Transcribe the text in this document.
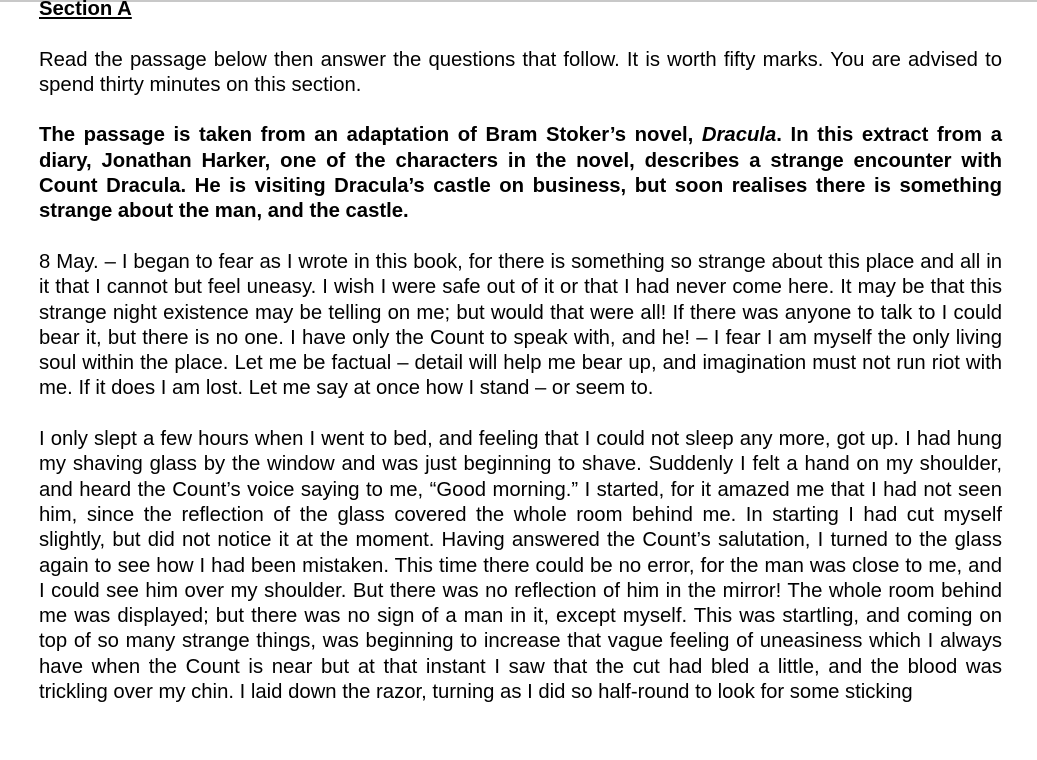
Section A

Read the passage below then answer the questions that follow. It is worth fifty marks. You are advised to spend thirty minutes on this section.

The passage is taken from an adaptation of Bram Stoker’s novel, Dracula. In this extract from a diary, Jonathan Harker, one of the characters in the novel, describes a strange encounter with Count Dracula. He is visiting Dracula’s castle on business, but soon realises there is something strange about the man, and the castle.

8 May. – I began to fear as I wrote in this book, for there is something so strange about this place and all in it that I cannot but feel uneasy. I wish I were safe out of it or that I had never come here. It may be that this strange night existence may be telling on me; but would that were all! If there was anyone to talk to I could bear it, but there is no one. I have only the Count to speak with, and he! – I fear I am myself the only living soul within the place. Let me be factual – detail will help me bear up, and imagination must not run riot with me. If it does I am lost. Let me say at once how I stand – or seem to.

I only slept a few hours when I went to bed, and feeling that I could not sleep any more, got up. I had hung my shaving glass by the window and was just beginning to shave. Suddenly I felt a hand on my shoulder, and heard the Count’s voice saying to me, “Good morning.” I started, for it amazed me that I had not seen him, since the reflection of the glass covered the whole room behind me. In starting I had cut myself slightly, but did not notice it at the moment. Having answered the Count’s salutation, I turned to the glass again to see how I had been mistaken. This time there could be no error, for the man was close to me, and I could see him over my shoulder. But there was no reflection of him in the mirror! The whole room behind me was displayed; but there was no sign of a man in it, except myself. This was startling, and coming on top of so many strange things, was beginning to increase that vague feeling of uneasiness which I always have when the Count is near but at that instant I saw that the cut had bled a little, and the blood was trickling over my chin. I laid down the razor, turning as I did so half-round to look for some sticking
